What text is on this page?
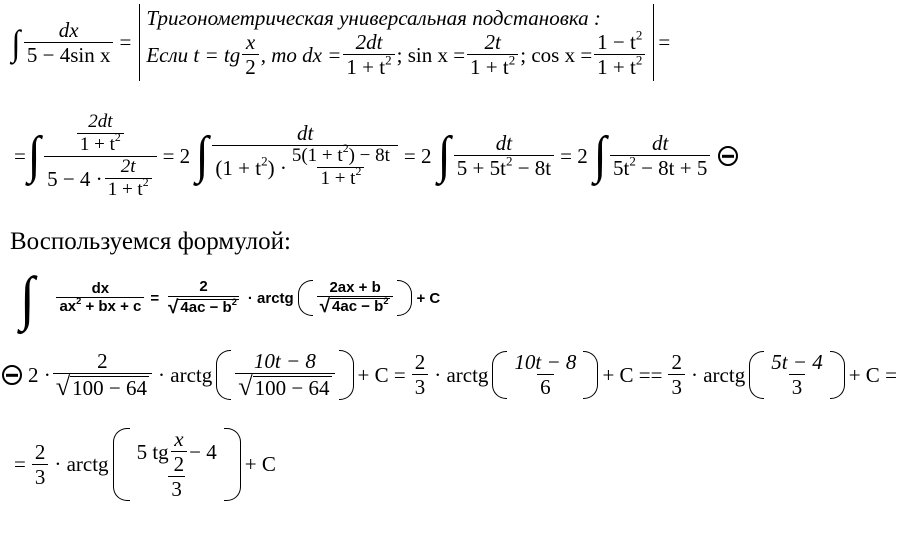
∫ $\frac{dx}{\text{5 − 4sin x}}$ =
Тригонометрическая универсальная подстановка :
Если t = tg $\frac{x}{2}$ , то dx = $\frac{2dt}{1 + t^2}$ ; $\sin x = \frac{2t}{1 + t^2}$ ; $\cos x = \frac{1 - t^2}{1 + t^2}$ =
= ∫ $\frac{\frac{2dt}{1 + t^2}}{5 - 4 \cdot \frac{2t}{1 + t^2}} = 2$ ∫ $\frac{dt}{(1 + t^2) \cdot \frac{5(1 + t^2) - 8t}{1 + t^2}} = 2$ ∫ $\frac{dt}{5 + 5t^2 - 8t} = 2$ ∫ $\frac{dt}{5t^2 - 8t + 5}$
Воспользуемся формулой:
∫ $\frac{dx}{ax^2 + bx + c}$ =
2
√ $4ac - b^2$ · arctg $\frac{2ax + b}{√ 4ac - b^2} + C$
$2 \cdot \frac{2}{√ 100 - 64}$ · arctg $\frac{10t - 8}{√ 100 - 64} + C = \frac{2}{3}$ · arctg $\frac{10t - 8}{6} + C == \frac{2}{3}$ · arctg $\frac{5t - 4}{3} + C$ =
= $\frac{2}{3}$ · arctg $\frac{5 tg \frac{x}{2} - 4}{3} + C$
